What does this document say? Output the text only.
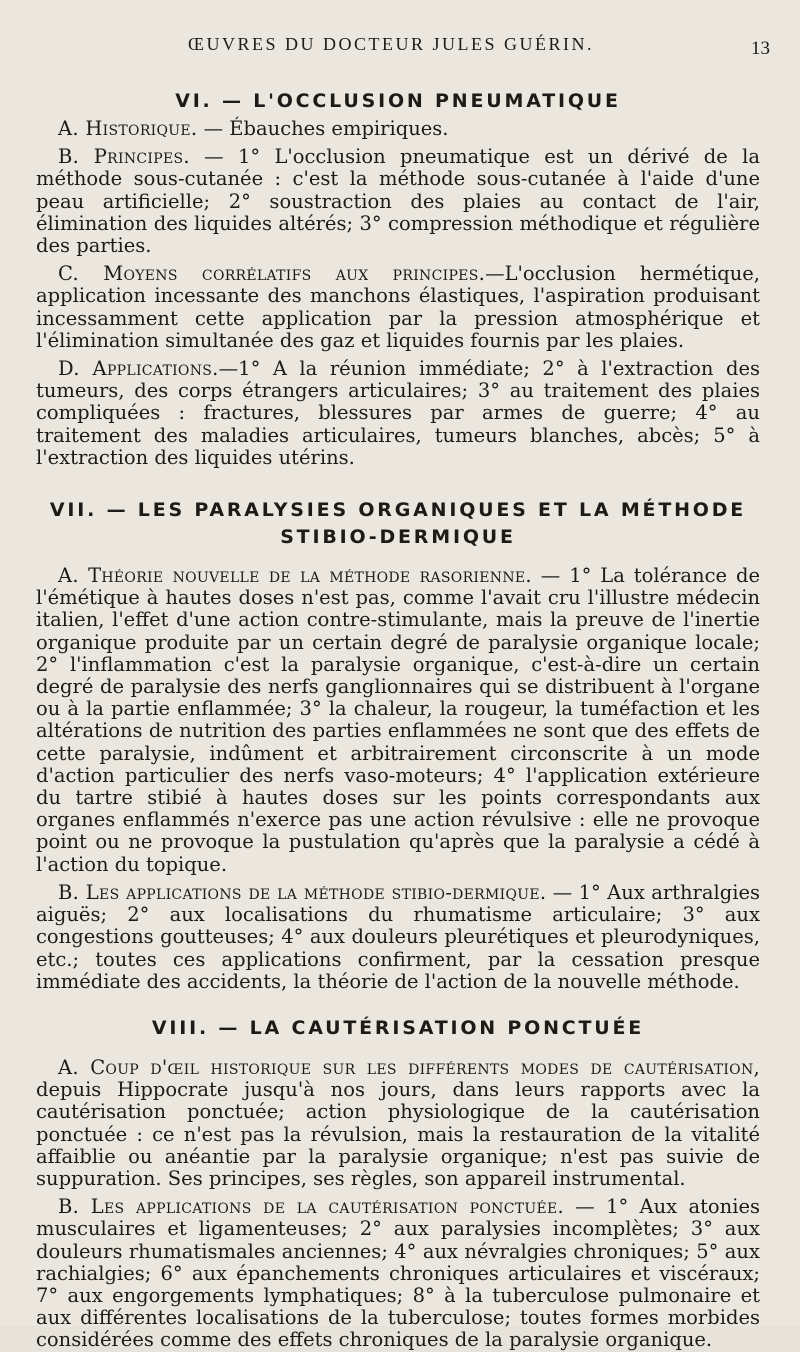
ŒUVRES DU DOCTEUR JULES GUÉRIN.	13
VI. — L'OCCLUSION PNEUMATIQUE

A. Historique. — Ébauches empiriques.

B. Principes. — 1° L'occlusion pneumatique est un dérivé de la méthode sous-cutanée : c'est la méthode sous-cutanée à l'aide d'une peau artificielle; 2° soustraction des plaies au contact de l'air, élimination des liquides altérés; 3° compression méthodique et régulière des parties.

C. Moyens corrélatifs aux principes.—L'occlusion hermétique, application incessante des manchons élastiques, l'aspiration produisant incessamment cette application par la pression atmosphérique et l'élimination simultanée des gaz et liquides fournis par les plaies.

D. Applications.—1° A la réunion immédiate; 2° à l'extraction des tumeurs, des corps étrangers articulaires; 3° au traitement des plaies compliquées : fractures, blessures par armes de guerre; 4° au traitement des maladies articulaires, tumeurs blanches, abcès; 5° à l'extraction des liquides utérins.

VII. — LES PARALYSIES ORGANIQUES ET LA MÉTHODE
STIBIO-DERMIQUE

A. Théorie nouvelle de la méthode rasorienne. — 1° La tolérance de l'émétique à hautes doses n'est pas, comme l'avait cru l'illustre médecin italien, l'effet d'une action contre-stimulante, mais la preuve de l'inertie organique produite par un certain degré de paralysie organique locale; 2° l'inflammation c'est la paralysie organique, c'est-à-dire un certain degré de paralysie des nerfs ganglionnaires qui se distribuent à l'organe ou à la partie enflammée; 3° la chaleur, la rougeur, la tuméfaction et les altérations de nutrition des parties enflammées ne sont que des effets de cette paralysie, indûment et arbitrairement circonscrite à un mode d'action particulier des nerfs vaso-moteurs; 4° l'application extérieure du tartre stibié à hautes doses sur les points correspondants aux organes enflammés n'exerce pas une action révulsive : elle ne provoque point ou ne provoque la pustulation qu'après que la paralysie a cédé à l'action du topique.

B. Les applications de la méthode stibio-dermique. — 1° Aux arthralgies aiguës; 2° aux localisations du rhumatisme articulaire; 3° aux congestions goutteuses; 4° aux douleurs pleurétiques et pleurodyniques, etc.; toutes ces applications confirment, par la cessation presque immédiate des accidents, la théorie de l'action de la nouvelle méthode.

VIII. — LA CAUTÉRISATION PONCTUÉE

A. Coup d'œil historique sur les différents modes de cautérisation, depuis Hippocrate jusqu'à nos jours, dans leurs rapports avec la cautérisation ponctuée; action physiologique de la cautérisation ponctuée : ce n'est pas la révulsion, mais la restauration de la vitalité affaiblie ou anéantie par la paralysie organique; n'est pas suivie de suppuration. Ses principes, ses règles, son appareil instrumental.

B. Les applications de la cautérisation ponctuée. — 1° Aux atonies musculaires et ligamenteuses; 2° aux paralysies incomplètes; 3° aux douleurs rhumatismales anciennes; 4° aux névralgies chroniques; 5° aux rachialgies; 6° aux épanchements chroniques articulaires et viscéraux; 7° aux engorgements lymphatiques; 8° à la tuberculose pulmonaire et aux différentes localisations de la tuberculose; toutes formes morbides considérées comme des effets chroniques de la paralysie organique.
